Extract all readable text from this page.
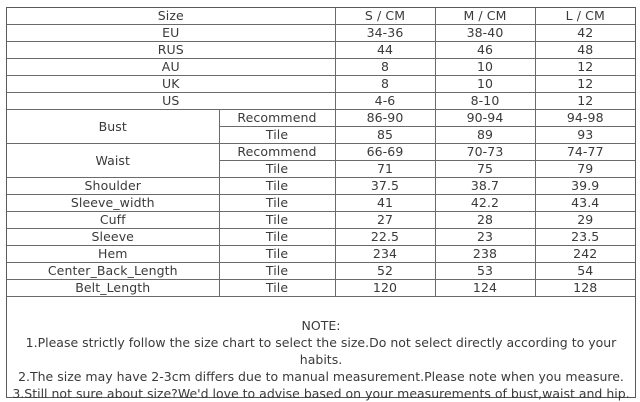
Size		S / CM	M / CM	L / CM
EU		34-36	38-40	42
RUS		44	46	48
AU		8	10	12
UK		8	10	12
US		4-6	8-10	12
Bust	Recommend	86-90	90-94	94-98
	Tile	85	89	93
Waist	Recommend	66-69	70-73	74-77
	Tile	71	75	79
Shoulder	Tile	37.5	38.7	39.9
Sleeve_width	Tile	41	42.2	43.4
Cuff	Tile	27	28	29
Sleeve	Tile	22.5	23	23.5
Hem	Tile	234	238	242
Center_Back_Length	Tile	52	53	54
Belt_Length	Tile	120	124	128
NOTE:
1.Please strictly follow the size chart to select the size.Do not select directly according to your
habits.
2.The size may have 2-3cm differs due to manual measurement.Please note when you measure.
3.Still not sure about size?We'd love to advise based on your measurements of bust,waist and hip.
